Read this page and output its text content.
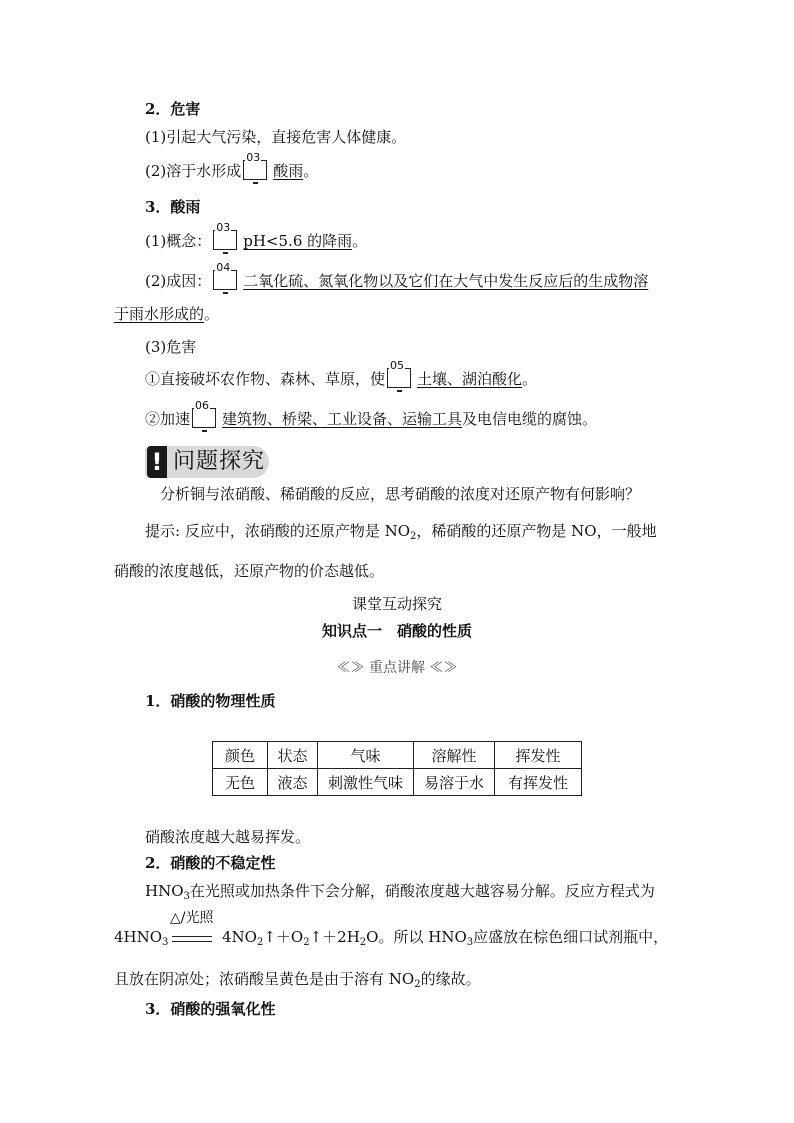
2．危害
(1)引起大气污染，直接危害人体健康。
(2)溶于水形成
03
酸雨。
3．酸雨
(1)概念：
03
pH<5.6 的降雨。
(2)成因：
04
二氧化硫、氮氧化物以及它们在大气中发生反应后的生成物溶
于雨水形成的。
(3)危害
①直接破坏农作物、森林、草原，使
05
土壤、湖泊酸化。
②加速
06
建筑物、桥梁、工业设备、运输工具及电信电缆的腐蚀。
! 问题探究
分析铜与浓硝酸、稀硝酸的反应，思考硝酸的浓度对还原产物有何影响？
提示: 反应中，浓硝酸的还原产物是 $NO_2$，稀硝酸的还原产物是 NO，一般地
硝酸的浓度越低，还原产物的价态越低。
课堂互动探究
知识点一　硝酸的性质
≪≫ 重点讲解 ≪≫
1．硝酸的物理性质
颜色	状态	气味	溶解性	挥发性
无色	液态	刺激性气味	易溶于水	有挥发性
硝酸浓度越大越易挥发。
2．硝酸的不稳定性
$HNO_3$在光照或加热条件下会分解，硝酸浓度越大越容易分解。反应方程式为
△/光照
$4HNO_3$	$4NO_2↑+O_2↑+2H_2O$。所以 $HNO_3$应盛放在棕色细口试剂瓶中，
且放在阴凉处；浓硝酸呈黄色是由于溶有 $NO_2$的缘故。
3．硝酸的强氧化性
